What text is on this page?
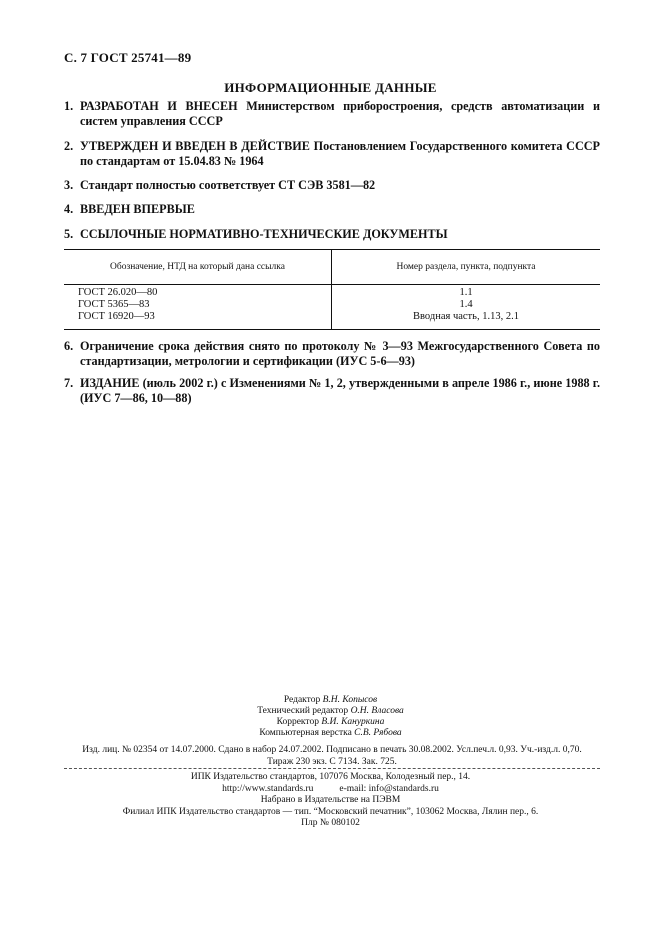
С. 7 ГОСТ 25741—89
ИНФОРМАЦИОННЫЕ ДАННЫЕ
1. РАЗРАБОТАН И ВНЕСЕН Министерством приборостроения, средств автоматизации и систем управления СССР
2. УТВЕРЖДЕН И ВВЕДЕН В ДЕЙСТВИЕ Постановлением Государственного комитета СССР по стандартам от 15.04.83 № 1964
3. Стандарт полностью соответствует СТ СЭВ 3581—82
4. ВВЕДЕН ВПЕРВЫЕ
5. ССЫЛОЧНЫЕ НОРМАТИВНО-ТЕХНИЧЕСКИЕ ДОКУМЕНТЫ
Обозначение, НТД на который дана ссылка	Номер раздела, пункта, подпункта
ГОСТ 26.020—80
ГОСТ 5365—83
ГОСТ 16920—93
1.1
1.4
Вводная часть, 1.13, 2.1
6. Ограничение срока действия снято по протоколу № 3—93 Межгосударственного Совета по стандартизации, метрологии и сертификации (ИУС 5-6—93)
7. ИЗДАНИЕ (июль 2002 г.) с Изменениями № 1, 2, утвержденными в апреле 1986 г., июне 1988 г. (ИУС 7—86, 10—88)
Редактор В.Н. Копысов
Технический редактор О.Н. Власова
Корректор В.И. Кануркина
Компьютерная верстка С.В. Рябова
Изд. лиц. № 02354 от 14.07.2000. Сдано в набор 24.07.2002. Подписано в печать 30.08.2002. Усл.печ.л. 0,93. Уч.-изд.л. 0,70.
Тираж 230 экз. С 7134. Зак. 725.
ИПК Издательство стандартов, 107076 Москва, Колодезный пер., 14.
http://www.standards.ru	e-mail: info@standards.ru
Набрано в Издательстве на ПЭВМ
Филиал ИПК Издательство стандартов — тип. “Московский печатник”, 103062 Москва, Лялин пер., 6.
Плр № 080102
